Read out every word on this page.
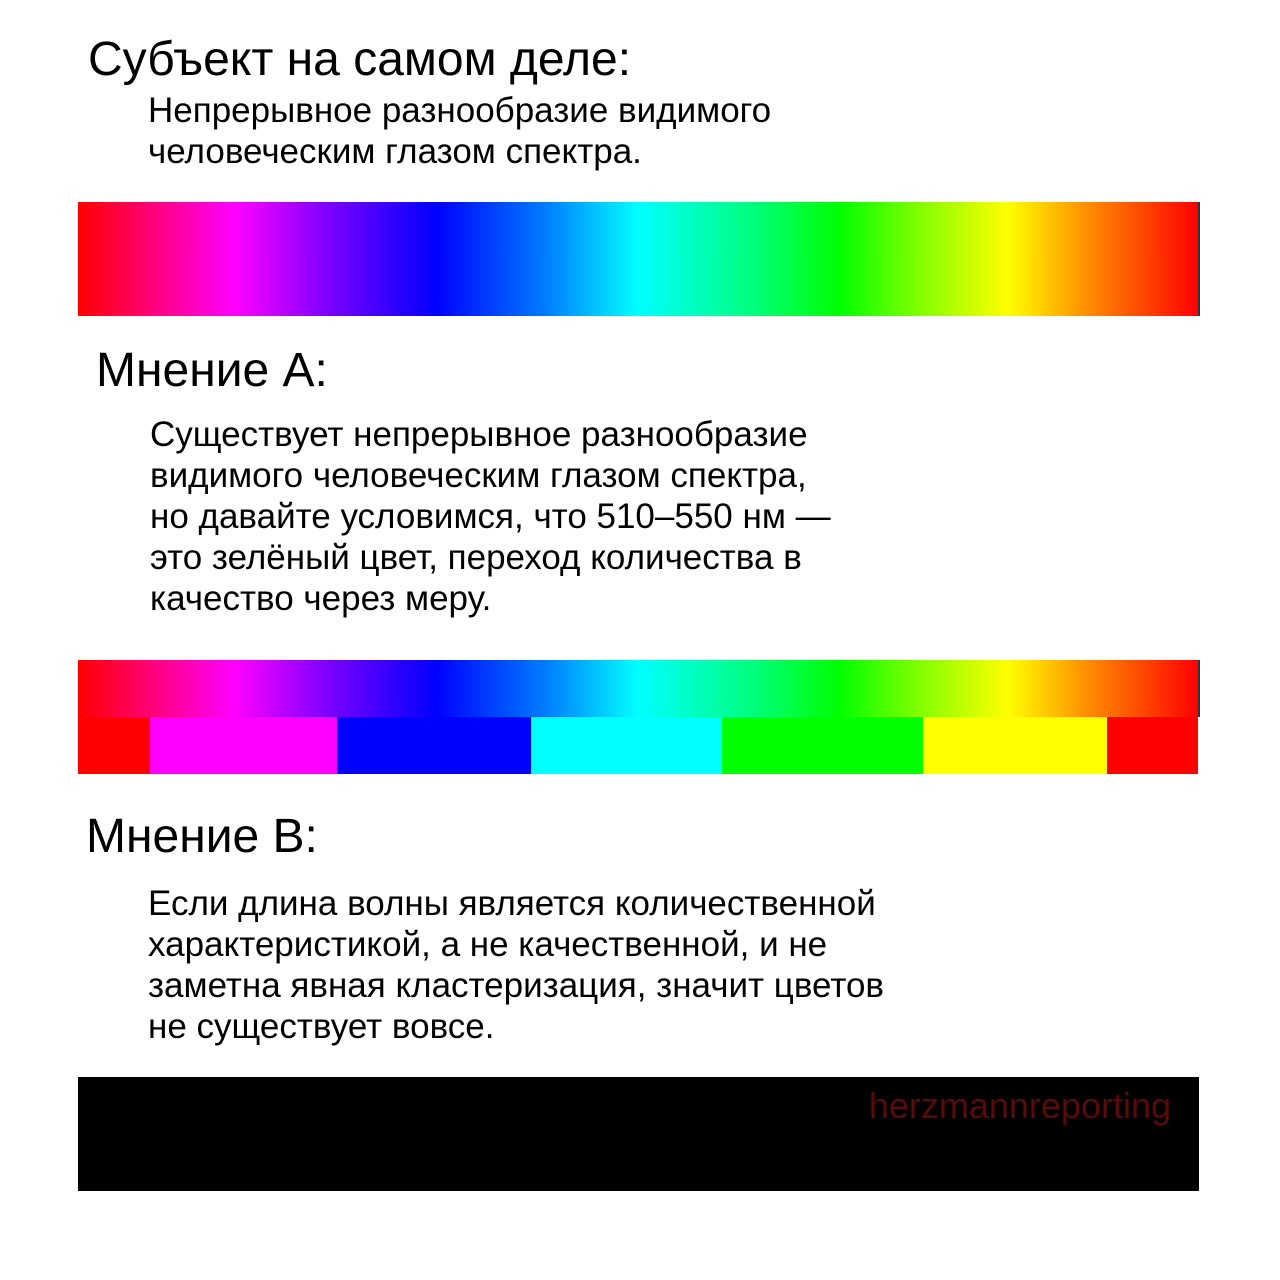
Субъект на самом деле:

Непрерывное разнообразие видимого
человеческим глазом спектра.

Мнение А:

Существует непрерывное разнообразие
видимого человеческим глазом спектра,
но давайте условимся, что 510–550 нм —
это зелёный цвет, переход количества в
качество через меру.

Мнение В:

Если длина волны является количественной
характеристикой, а не качественной, и не
заметна явная кластеризация, значит цветов
не существует вовсе.

herzmannreporting
